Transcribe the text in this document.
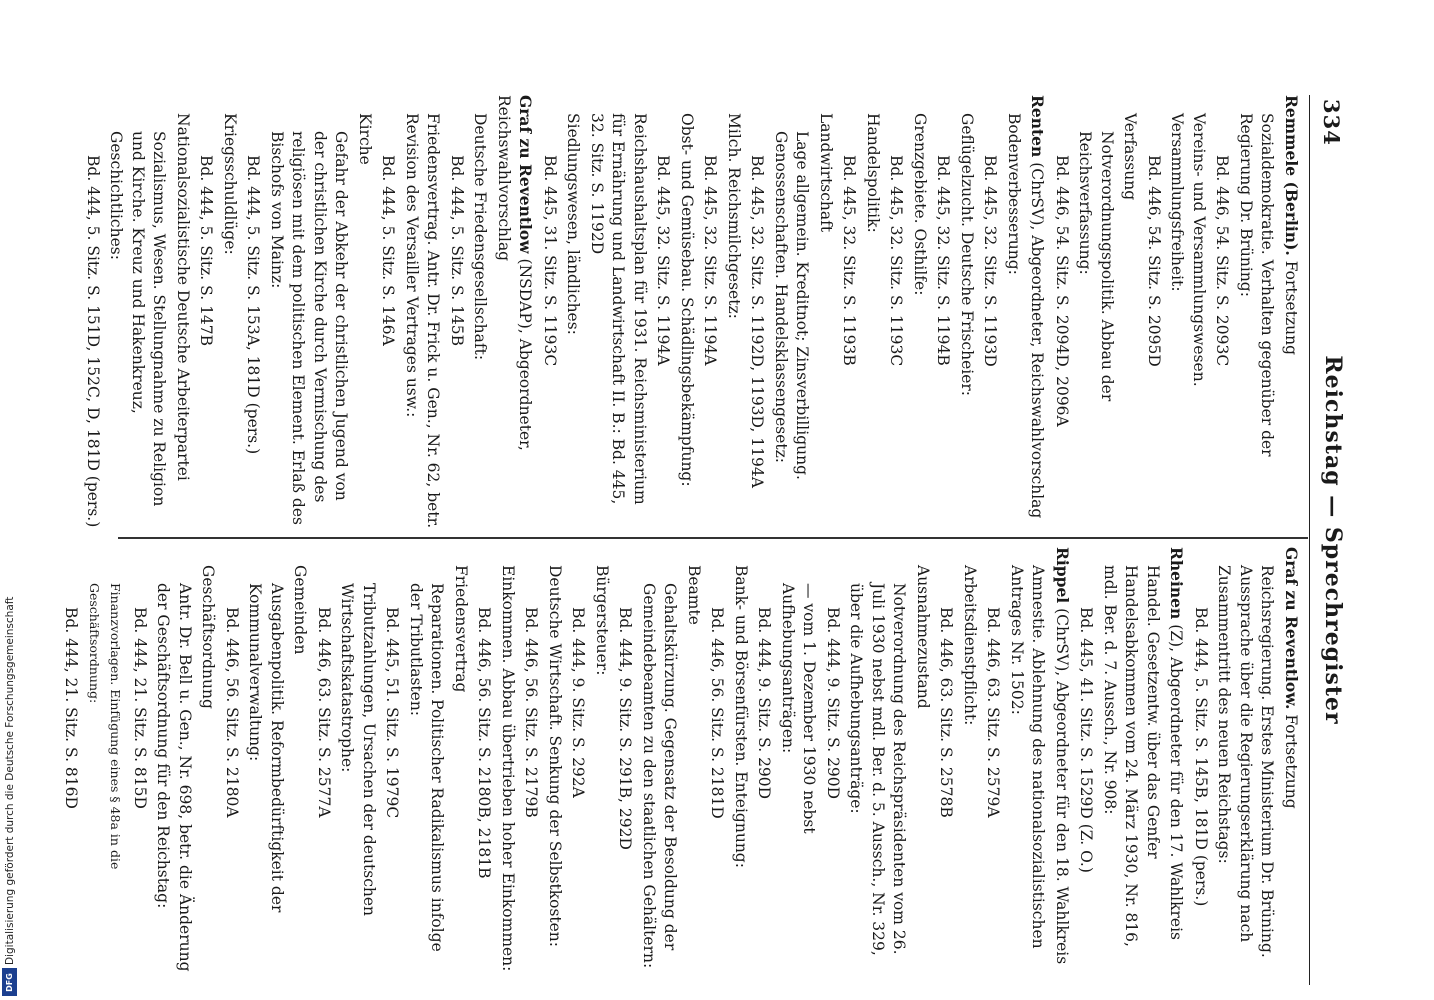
334
Reichstag — Sprechregister
Remmele (Berlin). Fortsetzung
Sozialdemokratie. Verhalten gegenüber der Regierung Dr. Brüning:
Bd. 446, 54. Sitz. S. 2093C
Vereins- und Versammlungswesen. Versammlungsfreiheit:
Bd. 446, 54. Sitz. S. 2095D
Verfassung
Notverordnungspolitik. Abbau der Reichsverfassung:
Bd. 446, 54. Sitz. S. 2094D, 2096A
Renten (ChrSV), Abgeordneter, Reichswahlvorschlag
Bodenverbesserung:
Bd. 445, 32. Sitz. S. 1193D
Geflügelzucht. Deutsche Frischeier:
Bd. 445, 32. Sitz. S. 1194B
Grenzgebiete. Osthilfe:
Bd. 445, 32. Sitz. S. 1193C
Handelspolitik:
Bd. 445, 32. Sitz. S. 1193B
Landwirtschaft
Lage allgemein. Kreditnot; Zinsverbilligung. Genossenschaften. Handelsklassengesetz:
Bd. 445, 32. Sitz. S. 1192D, 1193D, 1194A
Milch. Reichsmilchgesetz:
Bd. 445, 32. Sitz. S. 1194A
Obst- und Gemüsebau. Schädlingsbekämpfung:
Bd. 445, 32. Sitz. S. 1194A
Reichshaushaltsplan für 1931. Reichsministerium für Ernährung und Landwirtschaft II. B.: Bd. 445, 32. Sitz. S. 1192D
Siedlungswesen, ländliches:
Bd. 445, 31. Sitz. S. 1193C
Graf zu Reventlow (NSDAP), Abgeordneter, Reichswahlvorschlag
Deutsche Friedensgesellschaft:
Bd. 444, 5. Sitz. S. 145B
Friedensvertrag. Antr. Dr. Frick u. Gen., Nr. 62, betr. Revision des Versailler Vertrages usw.:
Bd. 444, 5. Sitz. S. 146A
Kirche
Gefahr der Abkehr der christlichen Jugend von der christlichen Kirche durch Vermischung des religiösen mit dem politischen Element. Erlaß des Bischofs von Mainz:
Bd. 444, 5. Sitz. S. 153A, 181D (pers.)
Kriegsschuldlüge:
Bd. 444, 5. Sitz. S. 147B
Nationalsozialistische Deutsche Arbeiterpartei
Sozialismus, Wesen. Stellungnahme zu Religion und Kirche. Kreuz und Hakenkreuz, Geschichtliches:
Bd. 444, 5. Sitz. S. 151D, 152C, D, 181D (pers.)
Graf zu Reventlow. Fortsetzung
Reichsregierung. Erstes Ministerium Dr. Brüning. Aussprache über die Regierungserklärung nach Zusammentritt des neuen Reichstags:
Bd. 444, 5. Sitz. S. 145B, 181D (pers.)
Rheinen (Z), Abgeordneter für den 17. Wahlkreis
Handel. Gesetzentw. über das Genfer Handelsabkommen vom 24. März 1930, Nr. 816, mdl. Ber. d. 7. Aussch., Nr. 908:
Bd. 445, 41. Sitz. S. 1529D (Z. O.)
Rippel (ChrSV), Abgeordneter für den 18. Wahlkreis
Amnestie. Ablehnung des nationalsozialistischen Antrages Nr. 1502:
Bd. 446, 63. Sitz. S. 2579A
Arbeitsdienstpflicht:
Bd. 446, 63. Sitz. S. 2578B
Ausnahmezustand
Notverordnung des Reichspräsidenten vom 26. Juli 1930 nebst mdl. Ber. d. 5. Aussch., Nr. 329, über die Aufhebungsanträge:
Bd. 444, 9. Sitz. S. 290D
— vom 1. Dezember 1930 nebst Aufhebungsanträgen:
Bd. 444, 9. Sitz. S. 290D
Bank- und Börsenfürsten. Enteignung:
Bd. 446, 56. Sitz. S. 2181D
Beamte
Gehaltskürzung. Gegensatz der Besoldung der Gemeindebeamten zu den staatlichen Gehältern:
Bd. 444, 9. Sitz. S. 291B, 292D
Bürgersteuer:
Bd. 444, 9. Sitz. S. 292A
Deutsche Wirtschaft. Senkung der Selbstkosten:
Bd. 446, 56. Sitz. S. 2179B
Einkommen. Abbau übertrieben hoher Einkommen:
Bd. 446, 56. Sitz. S. 2180B, 2181B
Friedensvertrag
Reparationen. Politischer Radikalismus infolge der Tributlasten:
Bd. 445, 51. Sitz. S. 1979C
Tributzahlungen, Ursachen der deutschen Wirtschaftskatastrophe:
Bd. 446, 63. Sitz. S. 2577A
Gemeinden
Ausgabenpolitik. Reformbedürftigkeit der Kommunalverwaltung:
Bd. 446, 56. Sitz. S. 2180A
Geschäftsordnung
Antr. Dr. Bell u. Gen., Nr. 698, betr. die Änderung der Geschäftsordnung für den Reichstag:
Bd. 444, 21. Sitz. S. 815D
Finanzvorlagen. Einfügung eines § 48a in die Geschäftsordnung:
Bd. 444, 21. Sitz. S. 816D
Digitalisierung gefördert durch die Deutsche Forschungsgemeinschaft
DFG
